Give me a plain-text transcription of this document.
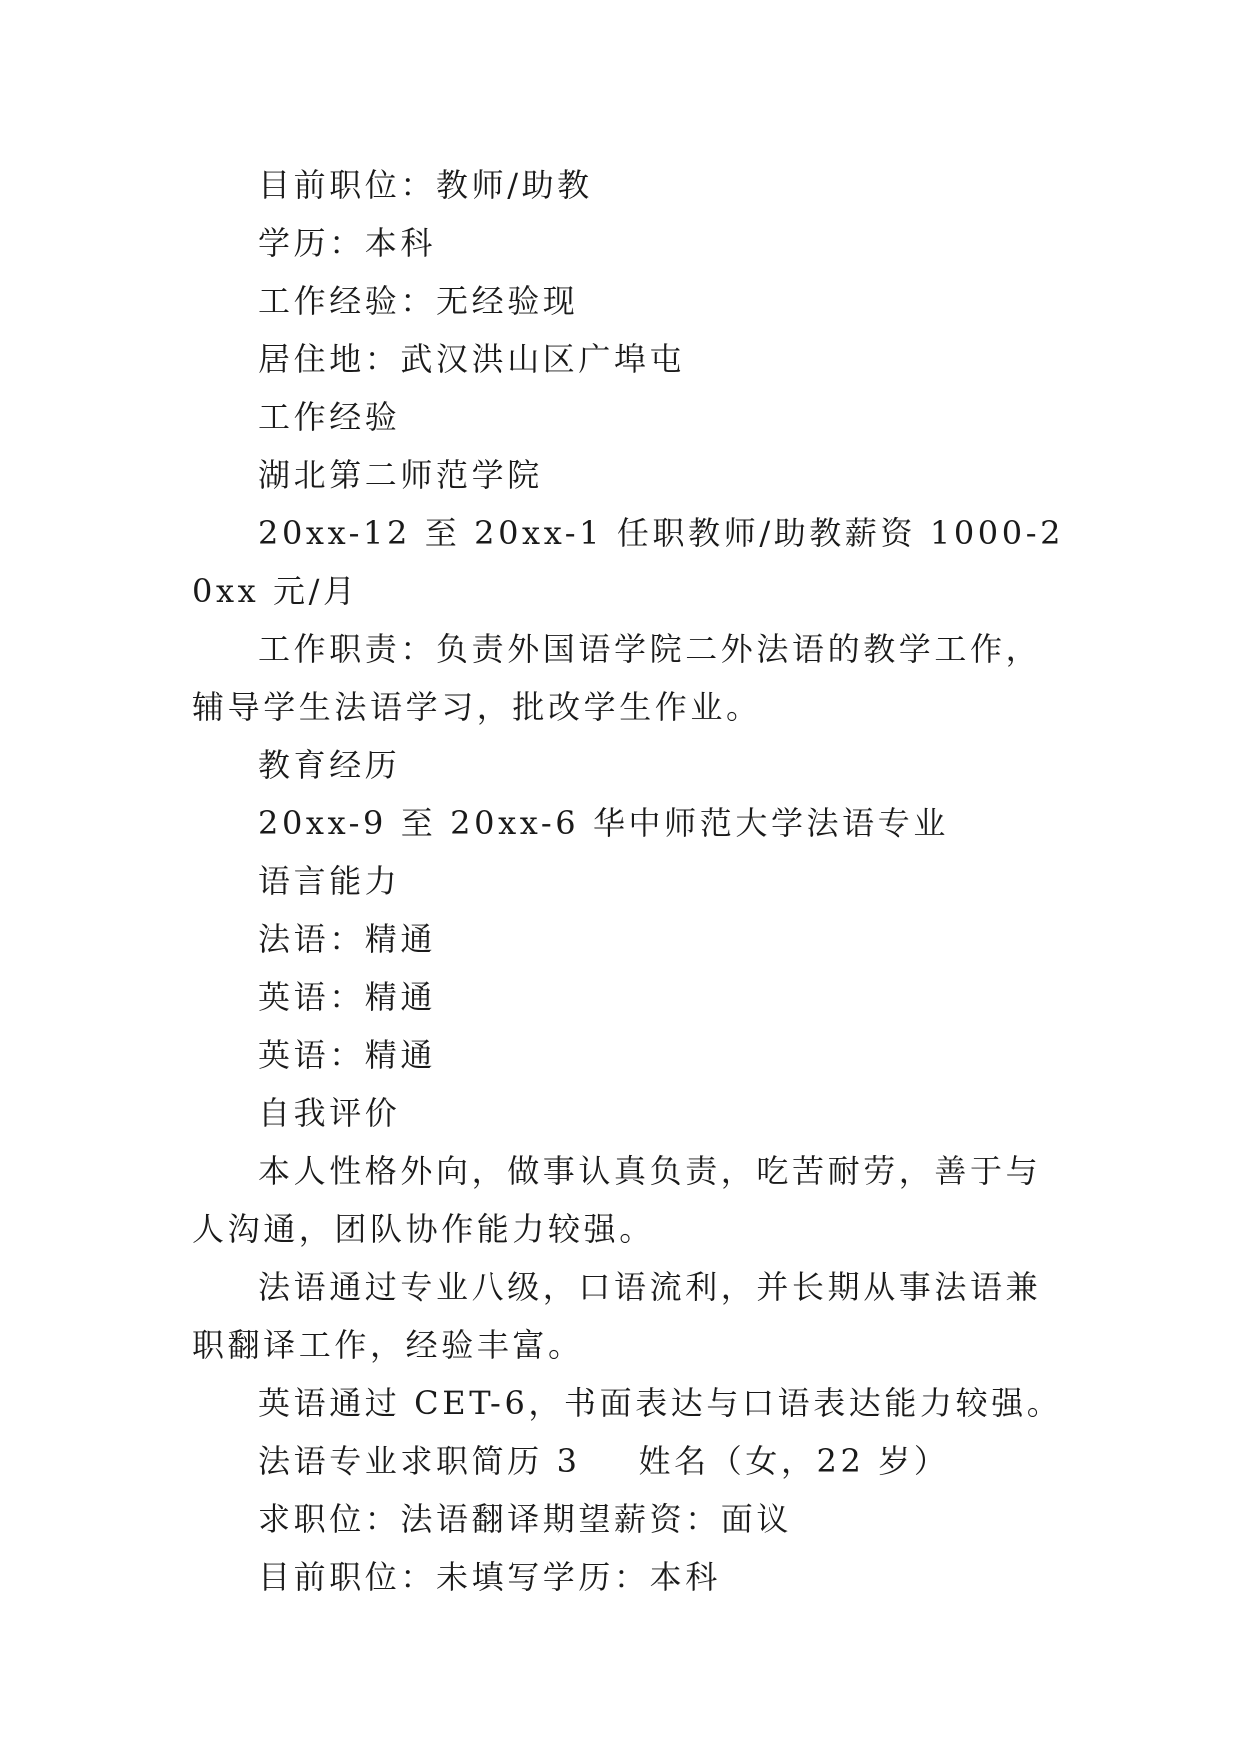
目前职位：教师/助教

学历：本科

工作经验：无经验现

居住地：武汉洪山区广埠屯

工作经验

湖北第二师范学院

20xx-12 至 20xx-1 任职教师/助教薪资 1000-20xx 元/月

工作职责：负责外国语学院二外法语的教学工作，辅导学生法语学习，批改学生作业。

教育经历

20xx-9 至 20xx-6 华中师范大学法语专业

语言能力

法语：精通

英语：精通

英语：精通

自我评价

本人性格外向，做事认真负责，吃苦耐劳，善于与人沟通，团队协作能力较强。

法语通过专业八级，口语流利，并长期从事法语兼职翻译工作，经验丰富。

英语通过 CET-6，书面表达与口语表达能力较强。

法语专业求职简历 3 姓名（女，22 岁）

求职位：法语翻译期望薪资：面议

目前职位：未填写学历：本科
